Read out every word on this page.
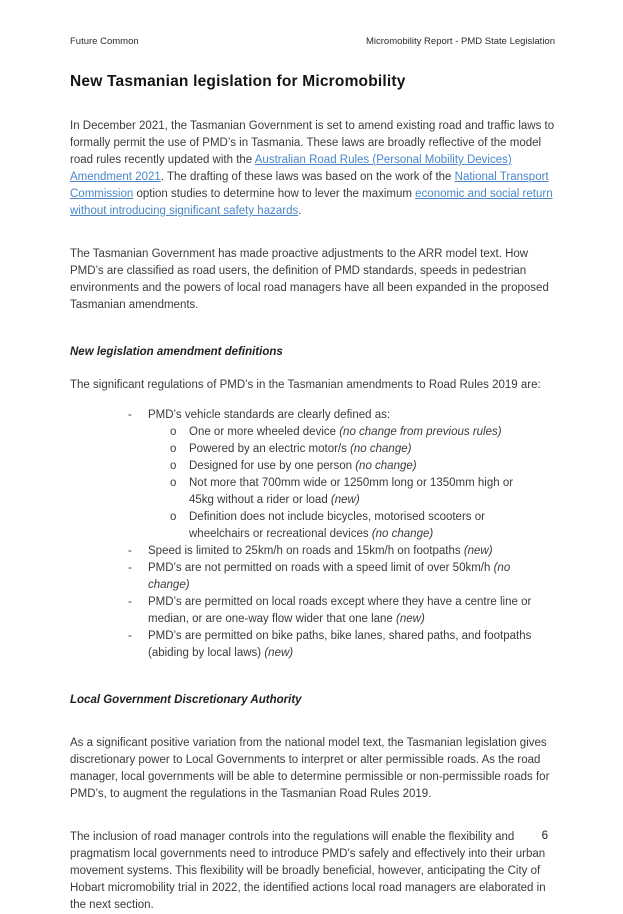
Future Common	Micromobility Report - PMD State Legislation
New Tasmanian legislation for Micromobility

In December 2021, the Tasmanian Government is set to amend existing road and traffic laws to formally permit the use of PMD’s in Tasmania. These laws are broadly reflective of the model road rules recently updated with the Australian Road Rules (Personal Mobility Devices) Amendment 2021. The drafting of these laws was based on the work of the National Transport Commission option studies to determine how to lever the maximum economic and social return without introducing significant safety hazards.

The Tasmanian Government has made proactive adjustments to the ARR model text. How PMD’s are classified as road users, the definition of PMD standards, speeds in pedestrian environments and the powers of local road managers have all been expanded in the proposed Tasmanian amendments.

New legislation amendment definitions

The significant regulations of PMD’s in the Tasmanian amendments to Road Rules 2019 are:

-	PMD’s vehicle standards are clearly defined as:
o	One or more wheeled device (no change from previous rules)
o	Powered by an electric motor/s (no change)
o	Designed for use by one person (no change)
o	Not more that 700mm wide or 1250mm long or 1350mm high or 45kg without a rider or load (new)
o	Definition does not include bicycles, motorised scooters or wheelchairs or recreational devices (no change)
-	Speed is limited to 25km/h on roads and 15km/h on footpaths (new)
-	PMD’s are not permitted on roads with a speed limit of over 50km/h (no change)
-	PMD’s are permitted on local roads except where they have a centre line or median, or are one-way flow wider that one lane (new)
-	PMD’s are permitted on bike paths, bike lanes, shared paths, and footpaths (abiding by local laws) (new)
Local Government Discretionary Authority

As a significant positive variation from the national model text, the Tasmanian legislation gives discretionary power to Local Governments to interpret or alter permissible roads. As the road manager, local governments will be able to determine permissible or non-permissible roads for PMD’s, to augment the regulations in the Tasmanian Road Rules 2019.

The inclusion of road manager controls into the regulations will enable the flexibility and pragmatism local governments need to introduce PMD’s safely and effectively into their urban movement systems. This flexibility will be broadly beneficial, however, anticipating the City of Hobart micromobility trial in 2022, the identified actions local road managers are elaborated in the next section.

6
